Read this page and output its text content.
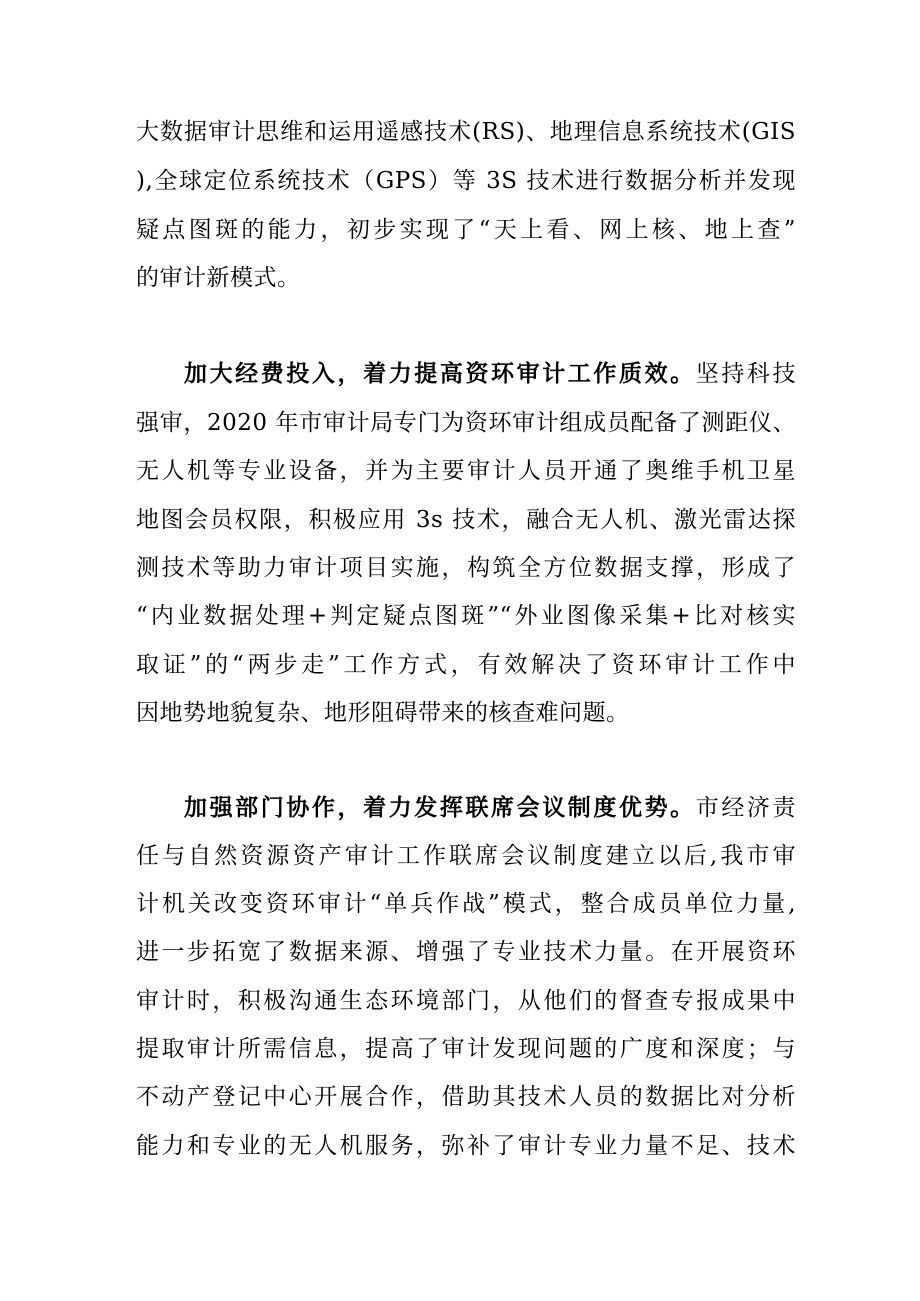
大数据审计思维和运用遥感技术(RS)、地理信息系统技术(GIS
),全球定位系统技术（GPS）等 3S 技术进行数据分析并发现
疑点图斑的能力，初步实现了“天上看、网上核、地上查”
的审计新模式。
加大经费投入，着力提高资环审计工作质效。坚持科技
强审，2020 年市审计局专门为资环审计组成员配备了测距仪、
无人机等专业设备，并为主要审计人员开通了奥维手机卫星
地图会员权限，积极应用 3s 技术，融合无人机、激光雷达探
测技术等助力审计项目实施，构筑全方位数据支撑，形成了
“内业数据处理+判定疑点图斑”“外业图像采集+比对核实
取证”的“两步走”工作方式，有效解决了资环审计工作中
因地势地貌复杂、地形阻碍带来的核查难问题。
加强部门协作，着力发挥联席会议制度优势。市经济责
任与自然资源资产审计工作联席会议制度建立以后,我市审
计机关改变资环审计“单兵作战”模式，整合成员单位力量,
进一步拓宽了数据来源、增强了专业技术力量。在开展资环
审计时，积极沟通生态环境部门，从他们的督查专报成果中
提取审计所需信息，提高了审计发现问题的广度和深度；与
不动产登记中心开展合作，借助其技术人员的数据比对分析
能力和专业的无人机服务，弥补了审计专业力量不足、技术
